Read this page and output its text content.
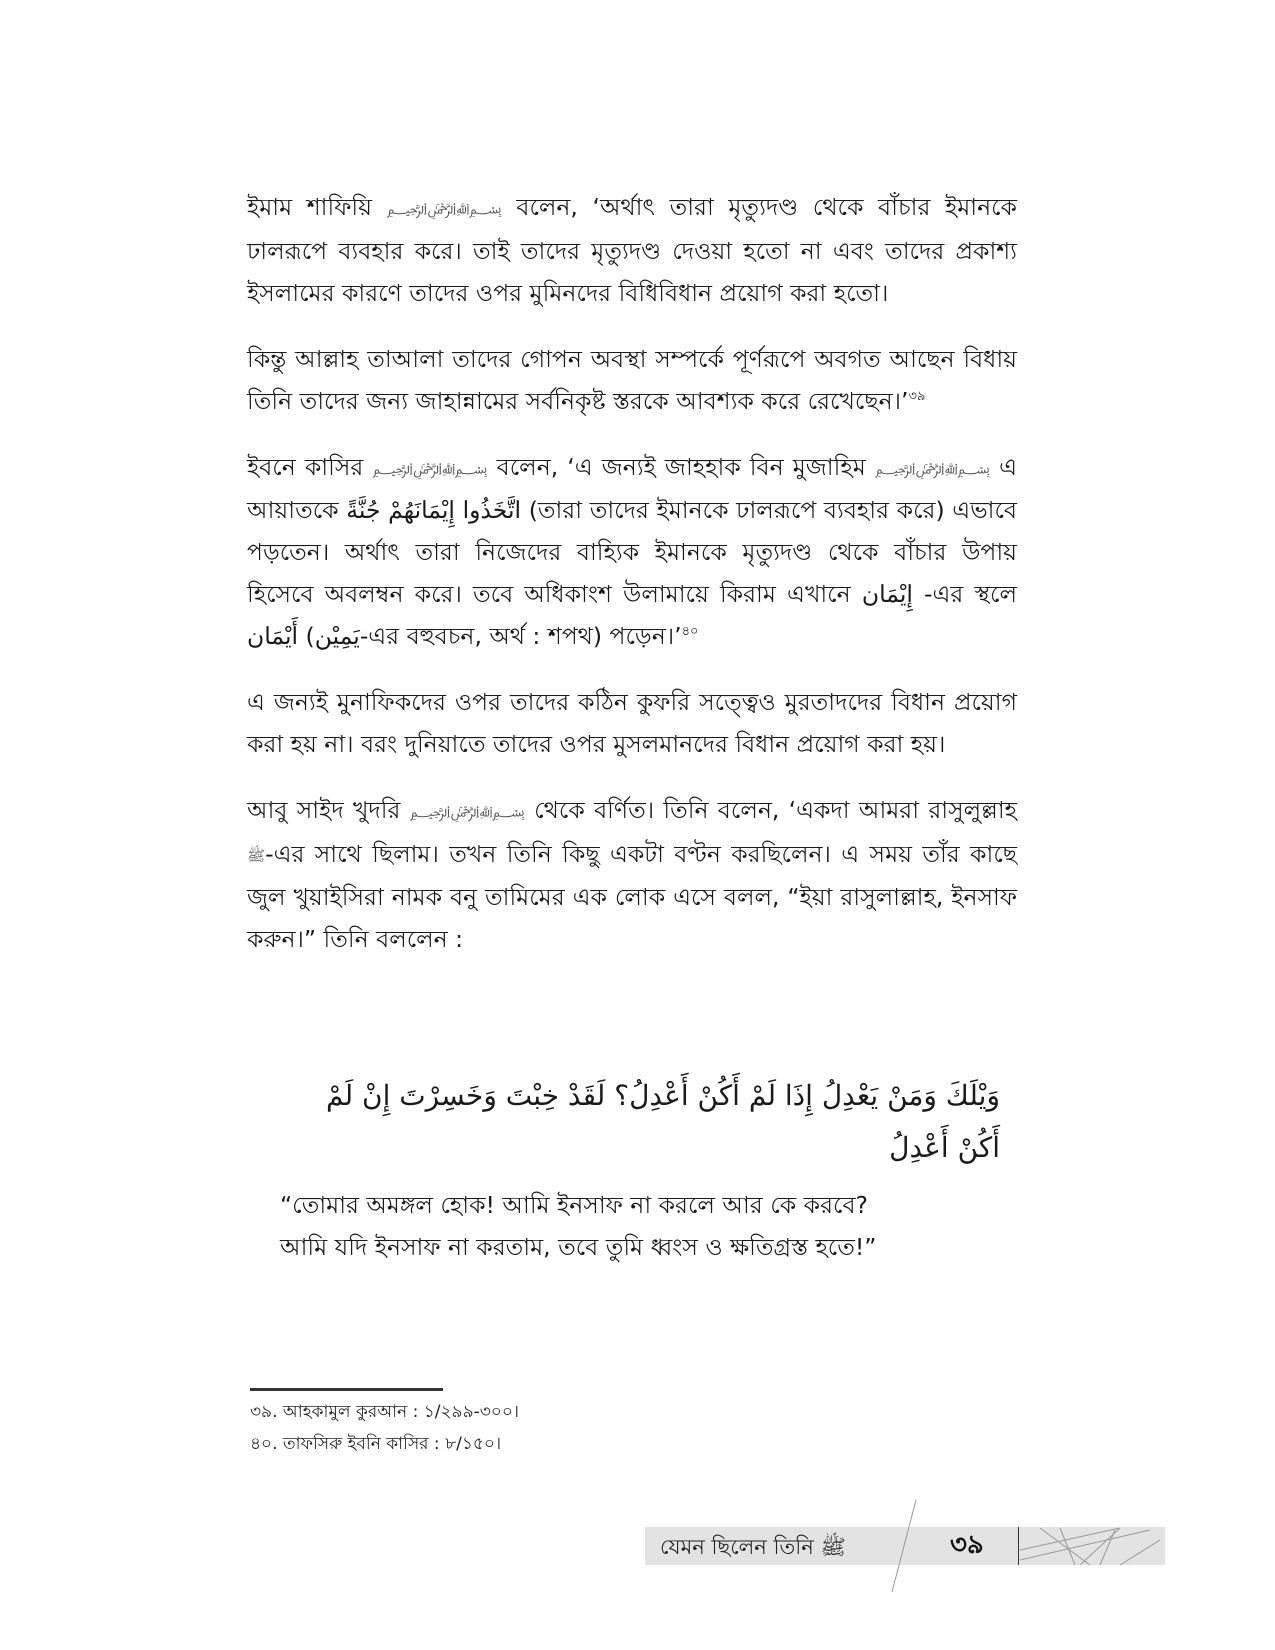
ইমাম শাফিয়ি ﷽ বলেন, ‘অর্থাৎ তারা মৃত্যুদণ্ড থেকে বাঁচার ইমানকে ঢালরূপে ব্যবহার করে। তাই তাদের মৃত্যুদণ্ড দেওয়া হতো না এবং তাদের প্রকাশ্য ইসলামের কারণে তাদের ওপর মুমিনদের বিধিবিধান প্রয়োগ করা হতো।

কিন্তু আল্লাহ তাআলা তাদের গোপন অবস্থা সম্পর্কে পূর্ণরূপে অবগত আছেন বিধায় তিনি তাদের জন্য জাহান্নামের সর্বনিকৃষ্ট স্তরকে আবশ্যক করে রেখেছেন।’$^{৩৯}$

ইবনে কাসির ﷽ বলেন, ‘এ জন্যই জাহহাক বিন মুজাহিম ﷽ এ আয়াতকে اتَّخَذُوا إِيْمَانَهُمْ جُنَّةً (তারা তাদের ইমানকে ঢালরূপে ব্যবহার করে) এভাবে পড়তেন। অর্থাৎ তারা নিজেদের বাহ্যিক ইমানকে মৃত্যুদণ্ড থেকে বাঁচার উপায় হিসেবে অবলম্বন করে। তবে অধিকাংশ উলামায়ে কিরাম এখানে إِيْمَان -এর স্থলে أَيْمَان (يَمِيْن-এর বহুবচন, অর্থ : শপথ) পড়েন।’$^{৪০}$

এ জন্যই মুনাফিকদের ওপর তাদের কঠিন কুফরি সত্ত্বেও মুরতাদদের বিধান প্রয়োগ করা হয় না। বরং দুনিয়াতে তাদের ওপর মুসলমানদের বিধান প্রয়োগ করা হয়।

আবু সাইদ খুদরি ﷽ থেকে বর্ণিত। তিনি বলেন, ‘একদা আমরা রাসুলুল্লাহ ﷺ-এর সাথে ছিলাম। তখন তিনি কিছু একটা বণ্টন করছিলেন। এ সময় তাঁর কাছে জুল খুয়াইসিরা নামক বনু তামিমের এক লোক এসে বলল, “ইয়া রাসুলাল্লাহ, ইনসাফ করুন।” তিনি বললেন :

وَيْلَكَ وَمَنْ يَعْدِلُ إِذَا لَمْ أَكُنْ أَعْدِلُ؟ لَقَدْ خِبْتَ وَخَسِرْتَ إِنْ لَمْ أَكُنْ أَعْدِلُ

“তোমার অমঙ্গল হোক! আমি ইনসাফ না করলে আর কে করবে?

আমি যদি ইনসাফ না করতাম, তবে তুমি ধ্বংস ও ক্ষতিগ্রস্ত হতে!”

৩৯. আহকামুল কুরআন : ১/২৯৯-৩০০।

৪০. তাফসিরু ইবনি কাসির : ৮/১৫০।

যেমন ছিলেন তিনি ﷺ	৩৯
